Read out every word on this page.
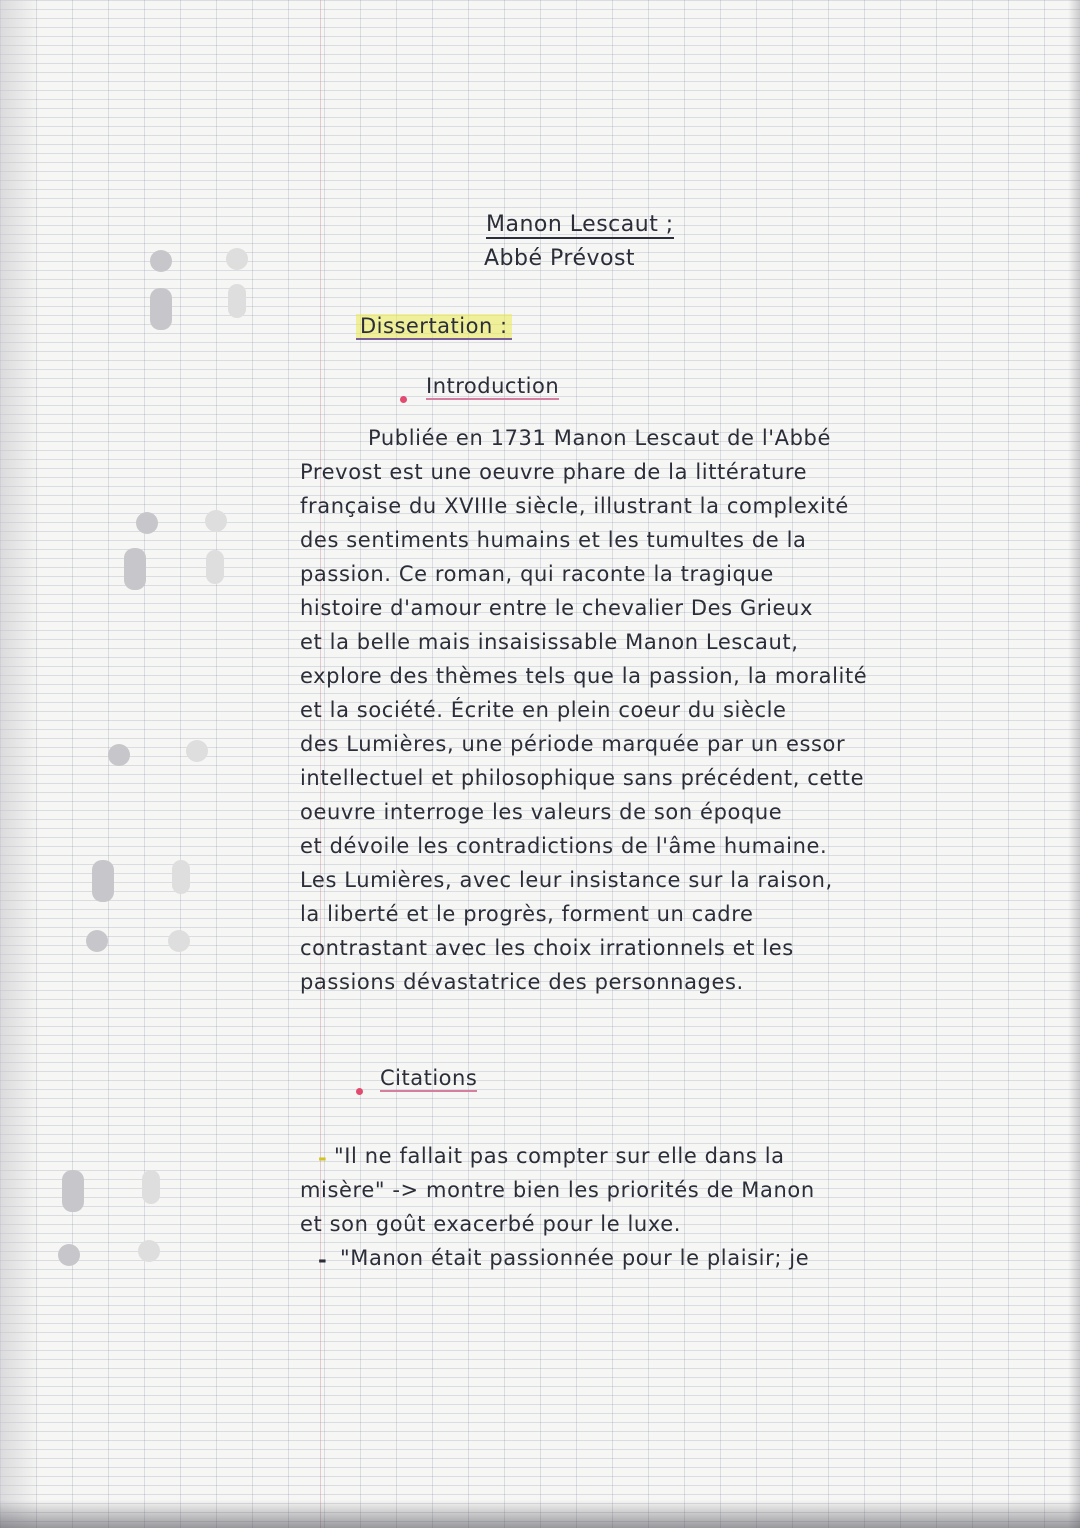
Manon Lescaut ;
Abbé Prévost
Dissertation :
Introduction
Publiée en 1731 Manon Lescaut de l'Abbé
Prevost est une oeuvre phare de la littérature
française du XVIIIe siècle, illustrant la complexité
des sentiments humains et les tumultes de la
passion. Ce roman, qui raconte la tragique
histoire d'amour entre le chevalier Des Grieux
et la belle mais insaisissable Manon Lescaut,
explore des thèmes tels que la passion, la moralité
et la société. Écrite en plein coeur du siècle
des Lumières, une période marquée par un essor
intellectuel et philosophique sans précédent, cette
oeuvre interroge les valeurs de son époque
et dévoile les contradictions de l'âme humaine.
Les Lumières, avec leur insistance sur la raison,
la liberté et le progrès, forment un cadre
contrastant avec les choix irrationnels et les
passions dévastatrice des personnages.
Citations
- "Il ne fallait pas compter sur elle dans la
misère" -> montre bien les priorités de Manon
et son goût exacerbé pour le luxe.
- "Manon était passionnée pour le plaisir; je
